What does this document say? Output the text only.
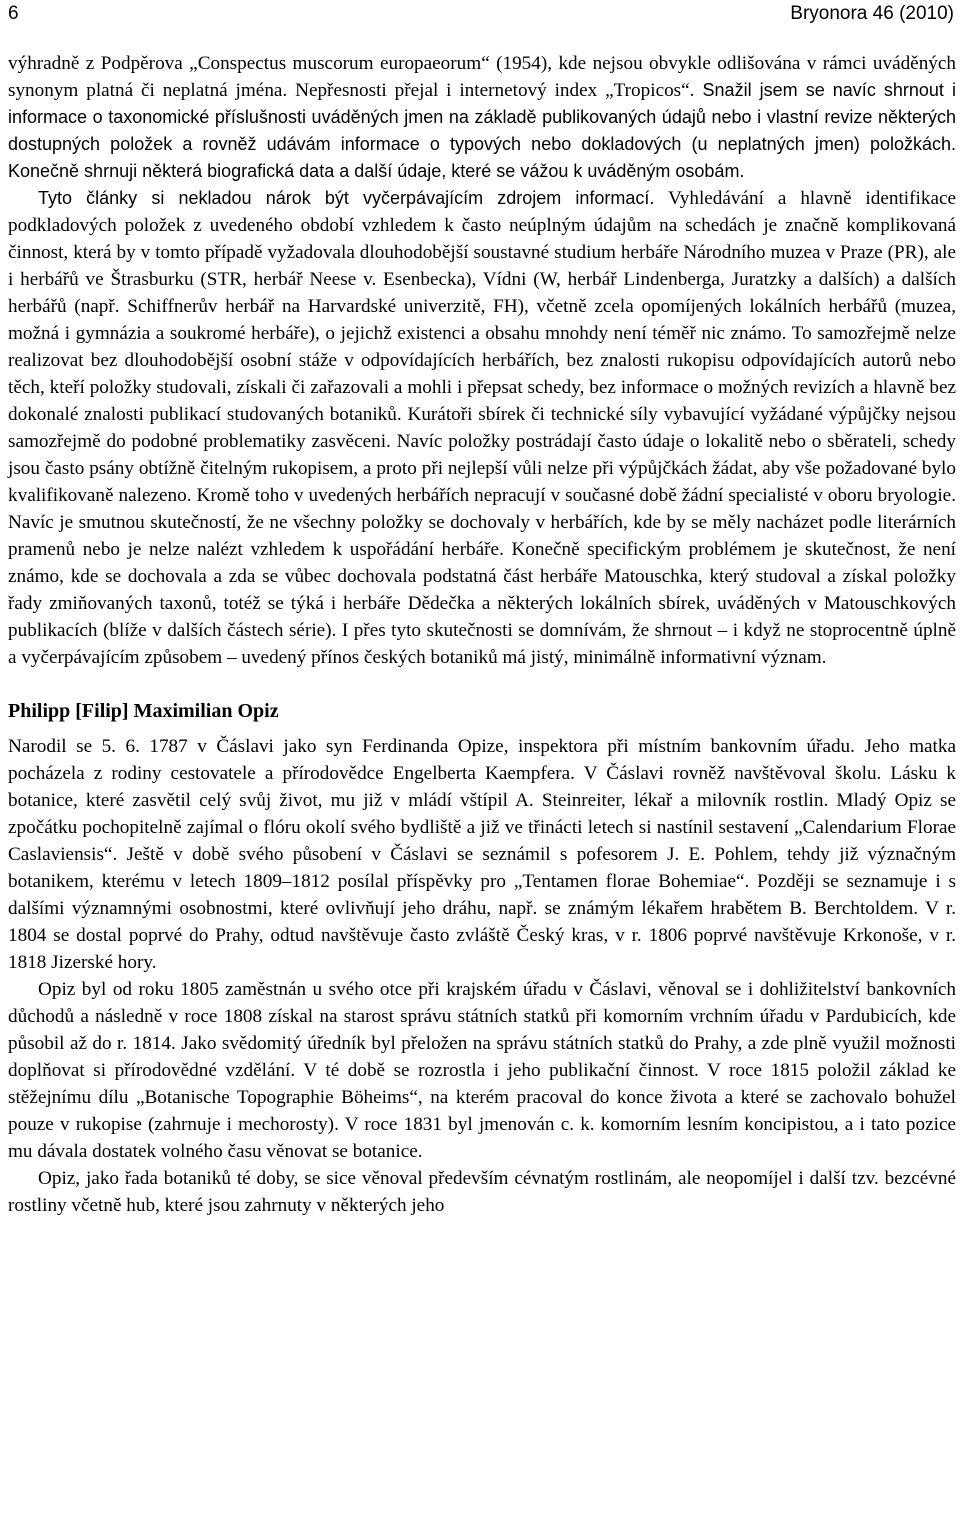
6	Bryonora 46 (2010)

výhradně z Podpěrova „Conspectus muscorum europaeorum“ (1954), kde nejsou obvykle odlišována v rámci uváděných synonym platná či neplatná jména. Nepřesnosti přejal i internetový index „Tropicos“. Snažil jsem se navíc shrnout i informace o taxonomické příslušnosti uváděných jmen na základě publikovaných údajů nebo i vlastní revize některých dostupných položek a rovněž udávám informace o typových nebo dokladových (u neplatných jmen) položkách. Konečně shrnuji některá biografická data a další údaje, které se vážou k uváděným osobám.

Tyto články si nekladou nárok být vyčerpávajícím zdrojem informací. Vyhledávání a hlavně identifikace podkladových položek z uvedeného období vzhledem k často neúplným údajům na schedách je značně komplikovaná činnost, která by v tomto případě vyžadovala dlouhodobější soustavné studium herbáře Národního muzea v Praze (PR), ale i herbářů ve Štrasburku (STR, herbář Neese v. Esenbecka), Vídni (W, herbář Lindenberga, Juratzky a dalších) a dalších herbářů (např. Schiffnerův herbář na Harvardské univerzitě, FH), včetně zcela opomíjených lokálních herbářů (muzea, možná i gymnázia a soukromé herbáře), o jejichž existenci a obsahu mnohdy není téměř nic známo. To samozřejmě nelze realizovat bez dlouhodobější osobní stáže v odpovídajících herbářích, bez znalosti rukopisu odpovídajících autorů nebo těch, kteří položky studovali, získali či zařazovali a mohli i přepsat schedy, bez informace o možných revizích a hlavně bez dokonalé znalosti publikací studovaných botaniků. Kurátoři sbírek či technické síly vybavující vyžádané výpůjčky nejsou samozřejmě do podobné problematiky zasvěceni. Navíc položky postrádají často údaje o lokalitě nebo o sběrateli, schedy jsou často psány obtížně čitelným rukopisem, a proto při nejlepší vůli nelze při výpůjčkách žádat, aby vše požadované bylo kvalifikovaně nalezeno. Kromě toho v uvedených herbářích nepracují v současné době žádní specialisté v oboru bryologie. Navíc je smutnou skutečností, že ne všechny položky se dochovaly v herbářích, kde by se měly nacházet podle literárních pramenů nebo je nelze nalézt vzhledem k uspořádání herbáře. Konečně specifickým problémem je skutečnost, že není známo, kde se dochovala a zda se vůbec dochovala podstatná část herbáře Matouschka, který studoval a získal položky řady zmiňovaných taxonů, totéž se týká i herbáře Dědečka a některých lokálních sbírek, uváděných v Matouschkových publikacích (blíže v dalších částech série). I přes tyto skutečnosti se domnívám, že shrnout – i když ne stoprocentně úplně a vyčerpávajícím způsobem – uvedený přínos českých botaniků má jistý, minimálně informativní význam.

Philipp [Filip] Maximilian Opiz

Narodil se 5. 6. 1787 v Čáslavi jako syn Ferdinanda Opize, inspektora při místním bankovním úřadu. Jeho matka pocházela z rodiny cestovatele a přírodovědce Engelberta Kaempfera. V Čáslavi rovněž navštěvoval školu. Lásku k botanice, které zasvětil celý svůj život, mu již v mládí vštípil A. Steinreiter, lékař a milovník rostlin. Mladý Opiz se zpočátku pochopitelně zajímal o flóru okolí svého bydliště a již ve třinácti letech si nastínil sestavení „Calendarium Florae Caslaviensis“. Ještě v době svého působení v Čáslavi se seznámil s pofesorem J. E. Pohlem, tehdy již význačným botanikem, kterému v letech 1809–1812 posílal příspěvky pro „Tentamen florae Bohemiae“. Později se seznamuje i s dalšími významnými osobnostmi, které ovlivňují jeho dráhu, např. se známým lékařem hrabětem B. Berchtoldem. V r. 1804 se dostal poprvé do Prahy, odtud navštěvuje často zvláště Český kras, v r. 1806 poprvé navštěvuje Krkonoše, v r. 1818 Jizerské hory.

Opiz byl od roku 1805 zaměstnán u svého otce při krajském úřadu v Čáslavi, věnoval se i dohližitelství bankovních důchodů a následně v roce 1808 získal na starost správu státních statků při komorním vrchním úřadu v Pardubicích, kde působil až do r. 1814. Jako svědomitý úředník byl přeložen na správu státních statků do Prahy, a zde plně využil možnosti doplňovat si přírodovědné vzdělání. V té době se rozrostla i jeho publikační činnost. V roce 1815 položil základ ke stěžejnímu dílu „Botanische Topographie Böheims“, na kterém pracoval do konce života a které se zachovalo bohužel pouze v rukopise (zahrnuje i mechorosty). V roce 1831 byl jmenován c. k. komorním lesním koncipistou, a i tato pozice mu dávala dostatek volného času věnovat se botanice.

Opiz, jako řada botaniků té doby, se sice věnoval především cévnatým rostlinám, ale neopomíjel i další tzv. bezcévné rostliny včetně hub, které jsou zahrnuty v některých jeho
